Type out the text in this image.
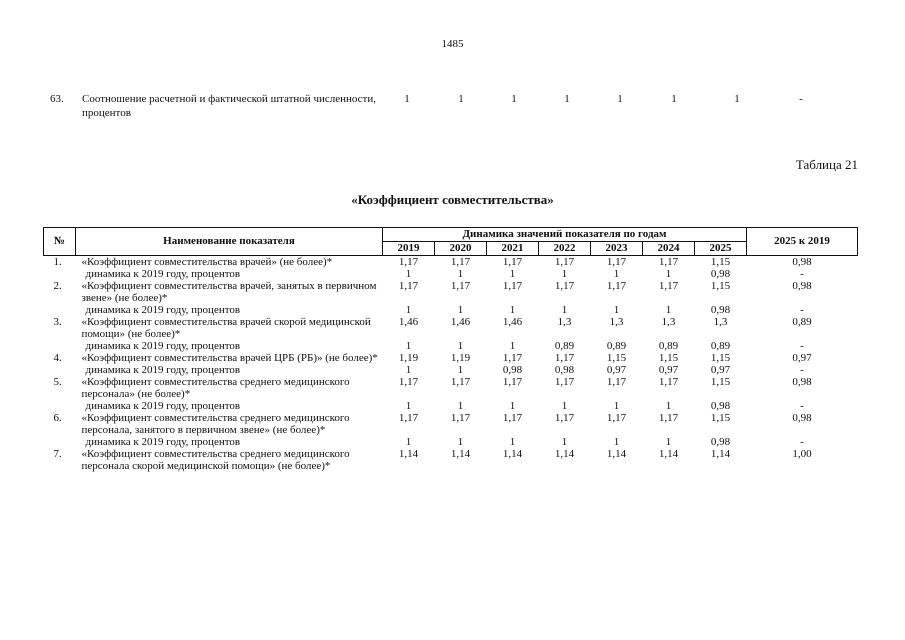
1485
63. Соотношение расчетной и фактической штатной численности, процентов
1	1	1	1	1	1	1	-
Таблица 21
«Коэффициент совместительства»
№	Наименование показателя	Динамика значений показателя по годам							2025 к 2019
		2019	2020	2021	2022	2023	2024	2025	
1.	«Коэффициент совместительства врачей» (не более)*	1,17	1,17	1,17	1,17	1,17	1,17	1,15	0,98
	динамика к 2019 году, процентов	1	1	1	1	1	1	0,98	-
2.	«Коэффициент совместительства врачей, занятых в первичном звене» (не более)*	1,17	1,17	1,17	1,17	1,17	1,17	1,15	0,98
	динамика к 2019 году, процентов	1	1	1	1	1	1	0,98	-
3.	«Коэффициент совместительства врачей скорой медицинской помощи» (не более)*	1,46	1,46	1,46	1,3	1,3	1,3	1,3	0,89
	динамика к 2019 году, процентов	1	1	1	0,89	0,89	0,89	0,89	-
4.	«Коэффициент совместительства врачей ЦРБ (РБ)» (не более)*	1,19	1,19	1,17	1,17	1,15	1,15	1,15	0,97
	динамика к 2019 году, процентов	1	1	0,98	0,98	0,97	0,97	0,97	-
5.	«Коэффициент совместительства среднего медицинского персонала» (не более)*	1,17	1,17	1,17	1,17	1,17	1,17	1,15	0,98
	динамика к 2019 году, процентов	1	1	1	1	1	1	0,98	-
6.	«Коэффициент совместительства среднего медицинского персонала, занятого в первичном звене» (не более)*	1,17	1,17	1,17	1,17	1,17	1,17	1,15	0,98
	динамика к 2019 году, процентов	1	1	1	1	1	1	0,98	-
7.	«Коэффициент совместительства среднего медицинского персонала скорой медицинской помощи» (не более)*	1,14	1,14	1,14	1,14	1,14	1,14	1,14	1,00
